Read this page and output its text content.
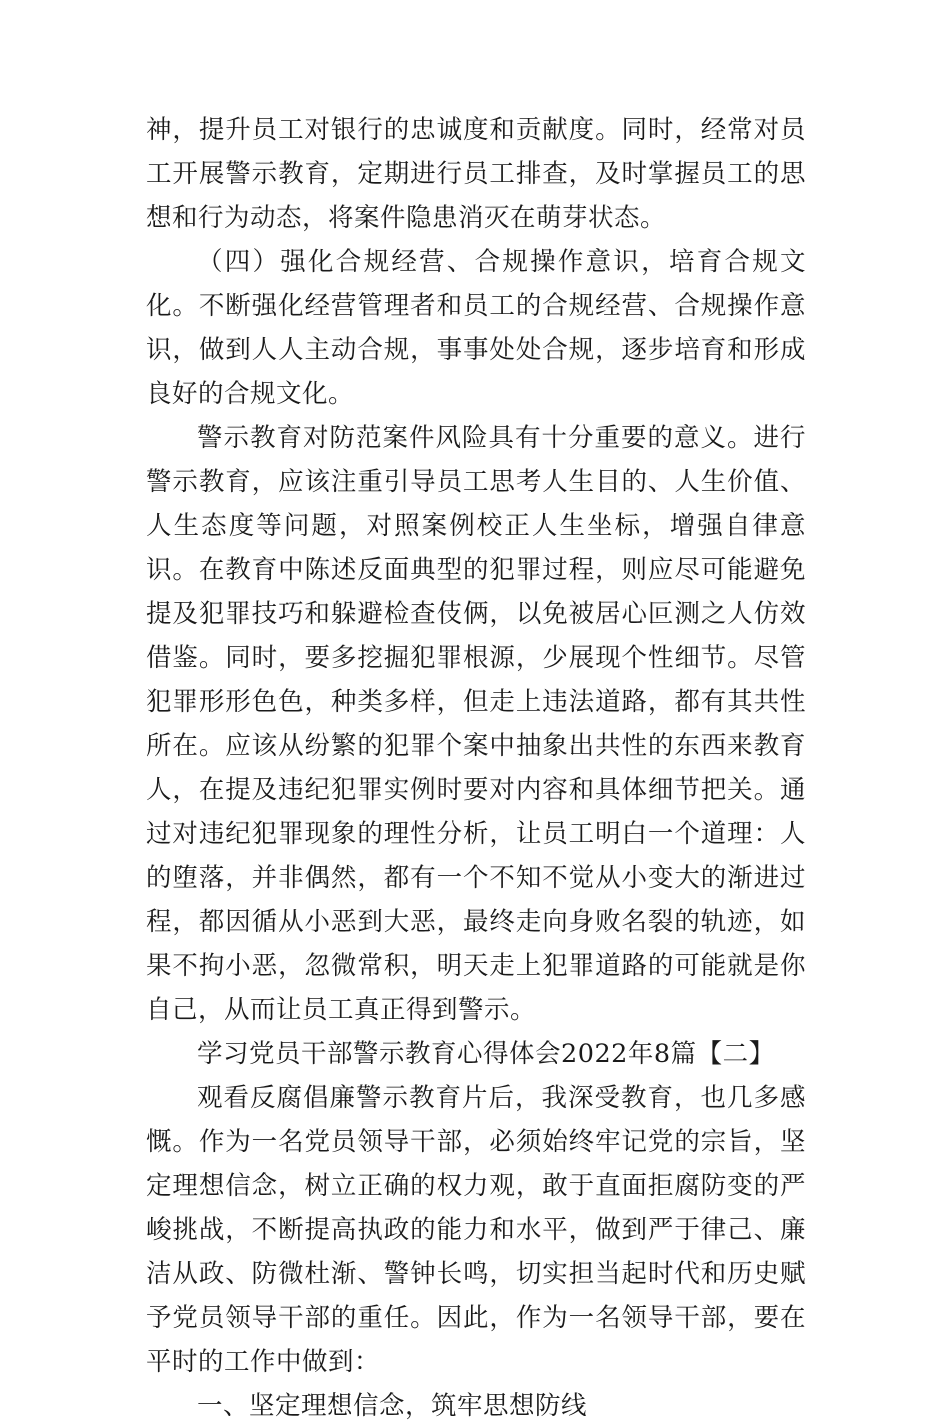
神，提升员工对银行的忠诚度和贡献度。同时，经常对员工开展警示教育，定期进行员工排查，及时掌握员工的思想和行为动态，将案件隐患消灭在萌芽状态。

（四）强化合规经营、合规操作意识，培育合规文化。不断强化经营管理者和员工的合规经营、合规操作意识，做到人人主动合规，事事处处合规，逐步培育和形成良好的合规文化。

警示教育对防范案件风险具有十分重要的意义。进行警示教育，应该注重引导员工思考人生目的、人生价值、人生态度等问题，对照案例校正人生坐标，增强自律意识。在教育中陈述反面典型的犯罪过程，则应尽可能避免提及犯罪技巧和躲避检查伎俩，以免被居心叵测之人仿效借鉴。同时，要多挖掘犯罪根源，少展现个性细节。尽管犯罪形形色色，种类多样，但走上违法道路，都有其共性所在。应该从纷繁的犯罪个案中抽象出共性的东西来教育人，在提及违纪犯罪实例时要对内容和具体细节把关。通过对违纪犯罪现象的理性分析，让员工明白一个道理：人的堕落，并非偶然，都有一个不知不觉从小变大的渐进过程，都因循从小恶到大恶，最终走向身败名裂的轨迹，如果不拘小恶，忽微常积，明天走上犯罪道路的可能就是你自己，从而让员工真正得到警示。

学习党员干部警示教育心得体会2022年8篇【二】

观看反腐倡廉警示教育片后，我深受教育，也几多感慨。作为一名党员领导干部，必须始终牢记党的宗旨，坚定理想信念，树立正确的权力观，敢于直面拒腐防变的严峻挑战，不断提高执政的能力和水平，做到严于律己、廉洁从政、防微杜渐、警钟长鸣，切实担当起时代和历史赋予党员领导干部的重任。因此，作为一名领导干部，要在平时的工作中做到：

一、坚定理想信念，筑牢思想防线
